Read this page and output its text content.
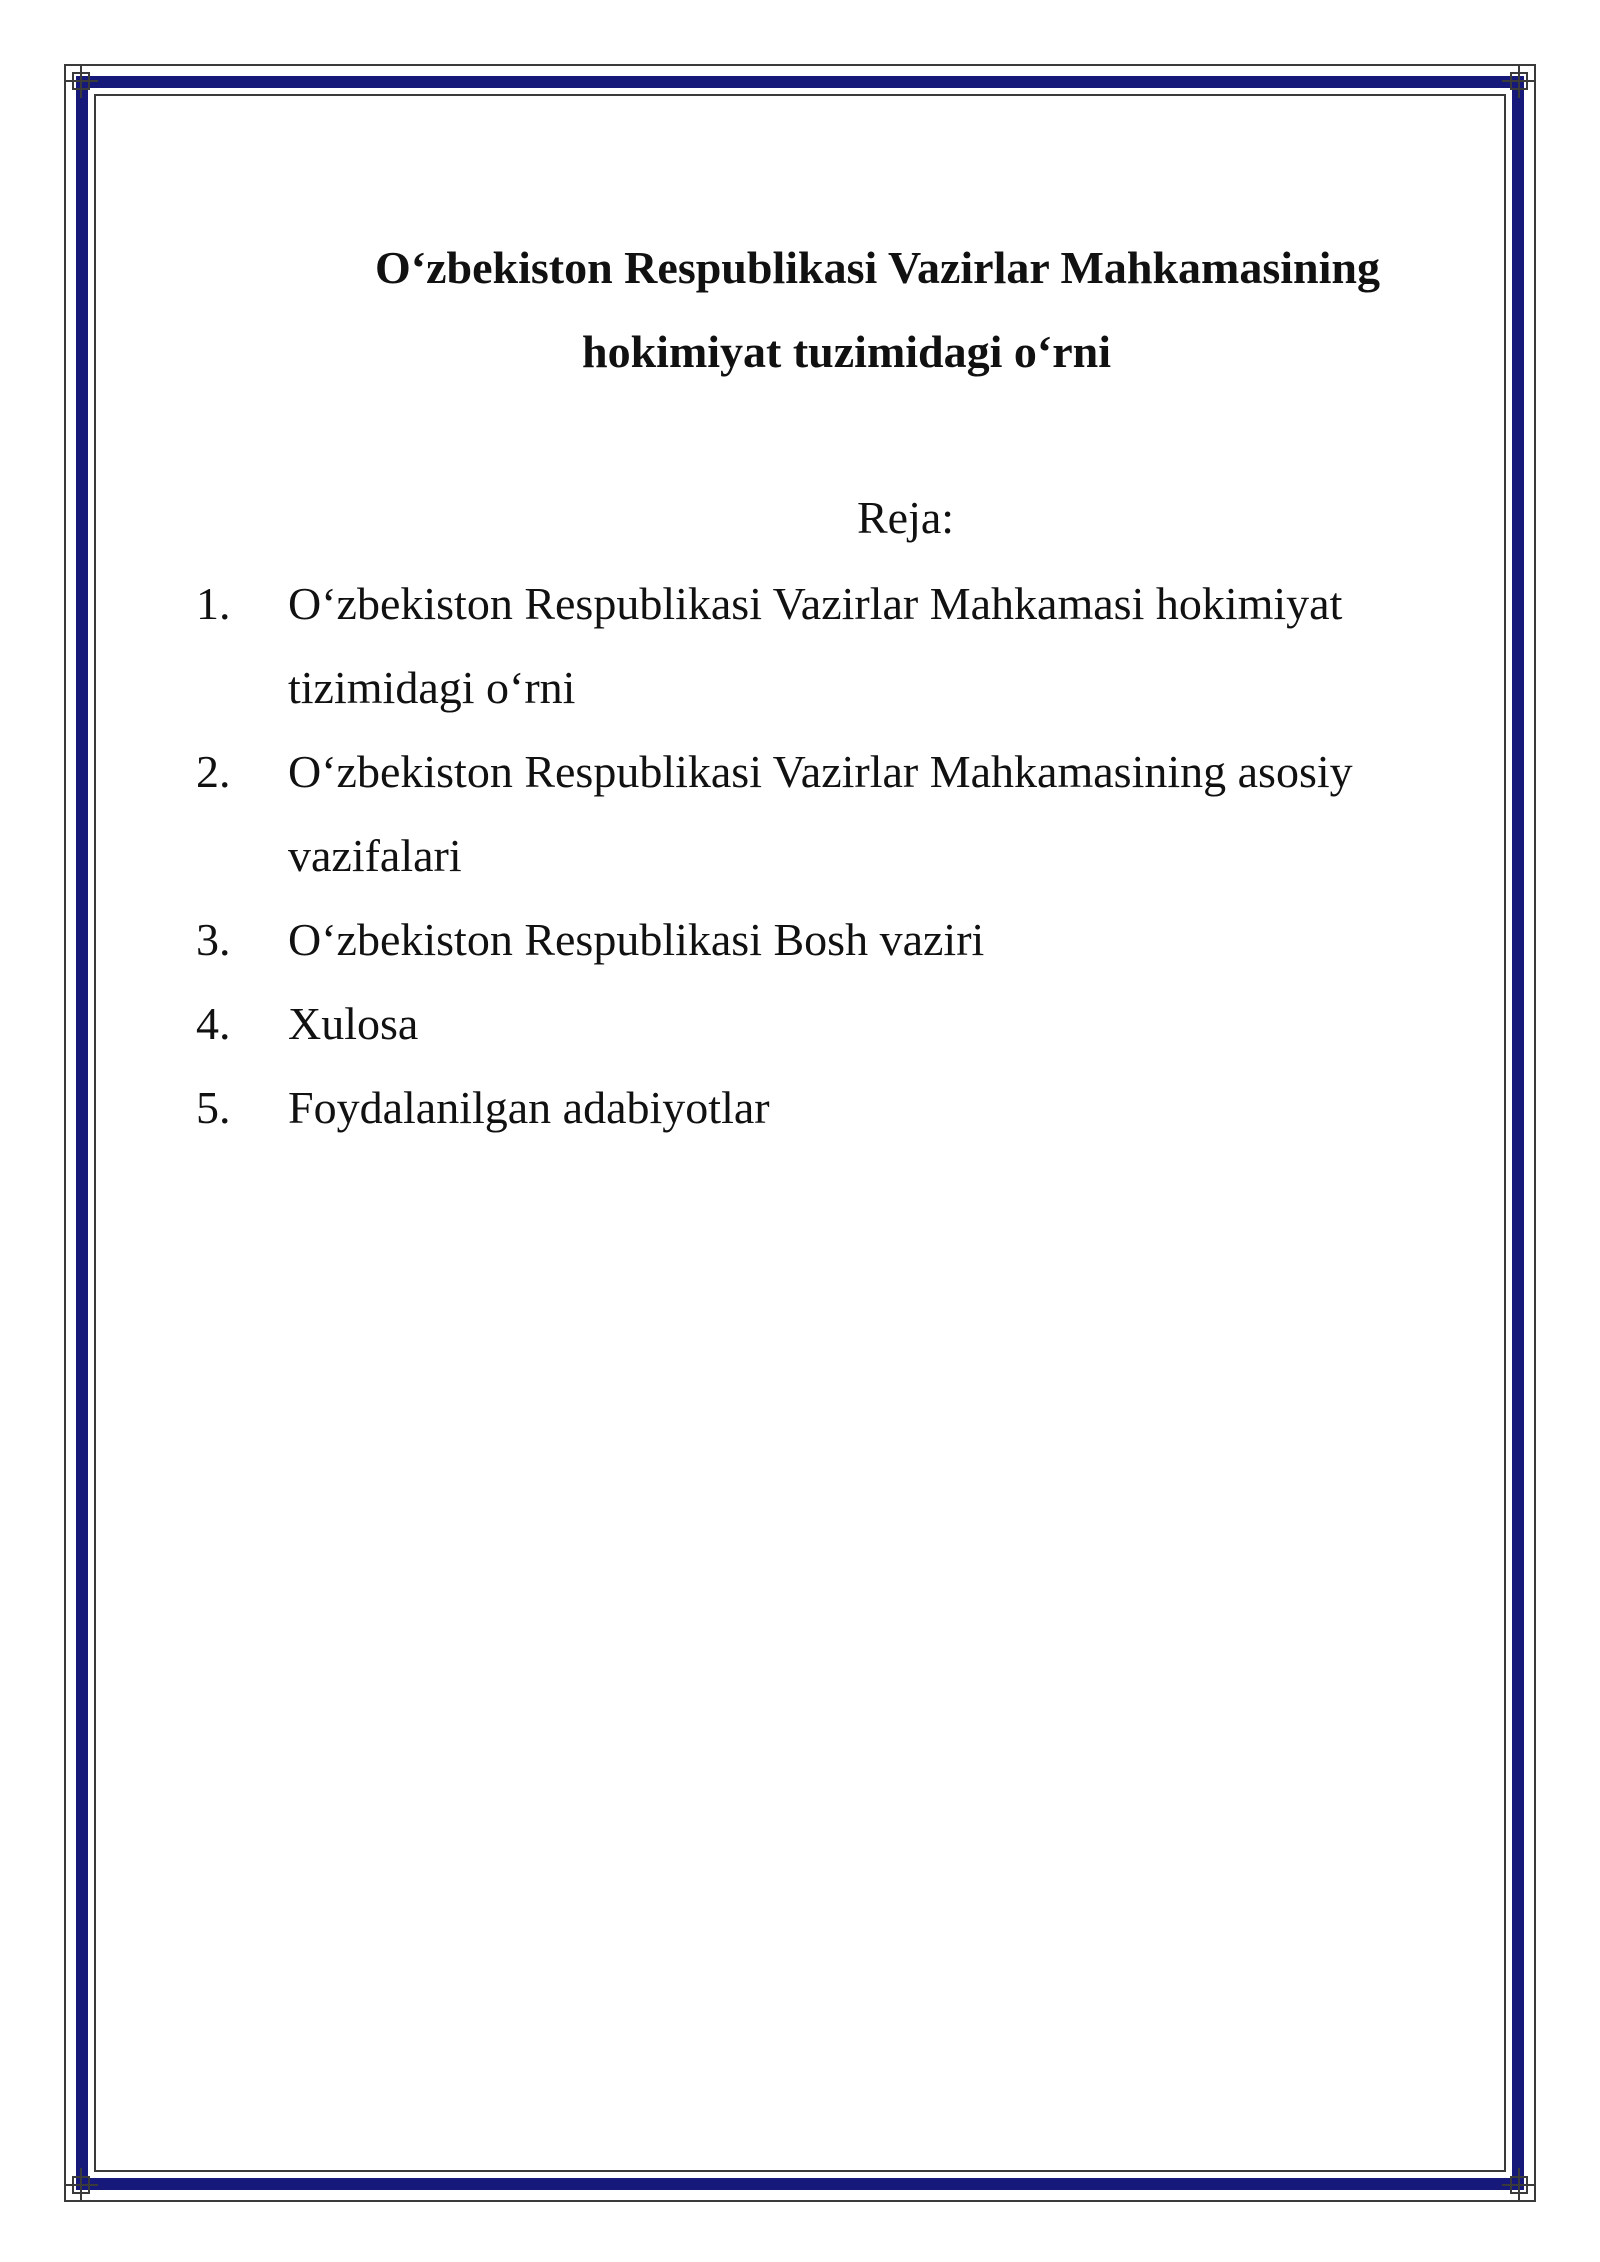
O‘zbekiston Respublikasi Vazirlar Mahkamasining
hokimiyat tuzimidagi o‘rni
Reja:
1. O‘zbekiston Respublikasi Vazirlar Mahkamasi hokimiyat tizimidagi o‘rni
2. O‘zbekiston Respublikasi Vazirlar Mahkamasining asosiy vazifalari
3. O‘zbekiston Respublikasi Bosh vaziri
4. Xulosa
5. Foydalanilgan adabiyotlar
